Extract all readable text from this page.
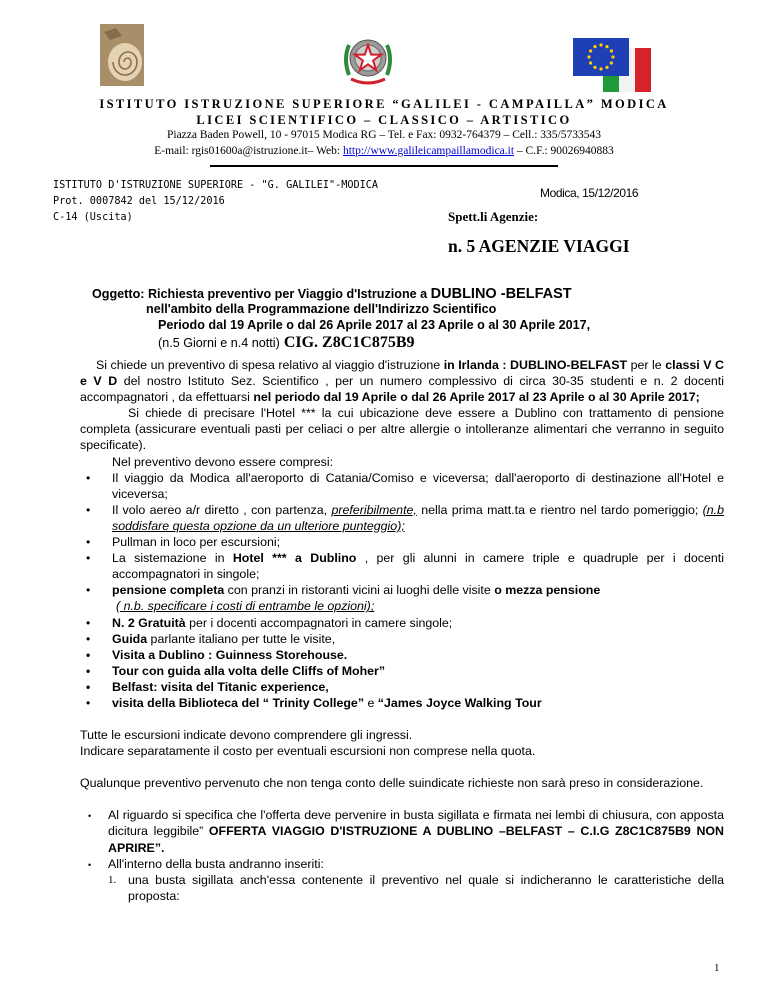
ISTITUTO ISTRUZIONE SUPERIORE “GALILEI - CAMPAILLA” MODICA
LICEI SCIENTIFICO – CLASSICO – ARTISTICO
Piazza Baden Powell, 10 - 97015 Modica RG – Tel. e Fax: 0932-764379 – Cell.: 335/5733543
E-mail: rgis01600a@istruzione.it– Web: http://www.galileicampaillamodica.it – C.F.: 90026940883
ISTITUTO D'ISTRUZIONE SUPERIORE - "G. GALILEI"-MODICA
Prot. 0007842 del 15/12/2016
C-14 (Uscita)
Modica, 15/12/2016
Spett.li Agenzie:
n. 5 AGENZIE VIAGGI
Oggetto: Richiesta preventivo per Viaggio d'Istruzione a DUBLINO -BELFAST
nell'ambito della Programmazione dell'Indirizzo Scientifico
Periodo dal 19 Aprile o dal 26 Aprile 2017 al 23 Aprile o al 30 Aprile 2017,
(n.5 Giorni e n.4 notti) CIG. Z8C1C875B9

Si chiede un preventivo di spesa relativo al viaggio d'istruzione in Irlanda : DUBLINO-BELFAST per le classi V C e V D del nostro Istituto Sez. Scientifico , per un numero complessivo di circa 30-35 studenti e n. 2 docenti accompagnatori , da effettuarsi nel periodo dal 19 Aprile o dal 26 Aprile 2017 al 23 Aprile o al 30 Aprile 2017;

Si chiede di precisare l'Hotel *** la cui ubicazione deve essere a Dublino con trattamento di pensione completa (assicurare eventuali pasti per celiaci o per altre allergie o intolleranze alimentari che verranno in seguito specificate).

Nel preventivo devono essere compresi:

• Il viaggio da Modica all'aeroporto di Catania/Comiso e viceversa; dall'aeroporto di destinazione all'Hotel e viceversa;
• Il volo aereo a/r diretto , con partenza, preferibilmente, nella prima matt.ta e rientro nel tardo pomeriggio; (n.b soddisfare questa opzione da un ulteriore punteggio);
• Pullman in loco per escursioni;
• La sistemazione in Hotel *** a Dublino , per gli alunni in camere triple e quadruple per i docenti accompagnatori in singole;
• pensione completa con pranzi in ristoranti vicini ai luoghi delle visite o mezza pensione
( n.b. specificare i costi di entrambe le opzioni);
• N. 2 Gratuità per i docenti accompagnatori in camere singole;
• Guida parlante italiano per tutte le visite,
• Visita a Dublino : Guinness Storehouse.
• Tour con guida alla volta delle Cliffs of Moher”
• Belfast: visita del Titanic experience,
• visita della Biblioteca del “ Trinity College” e “James Joyce Walking Tour

Tutte le escursioni indicate devono comprendere gli ingressi.

Indicare separatamente il costo per eventuali escursioni non comprese nella quota.

Qualunque preventivo pervenuto che non tenga conto delle suindicate richieste non sarà preso in considerazione.

• Al riguardo si specifica che l'offerta deve pervenire in busta sigillata e firmata nei lembi di chiusura, con apposta dicitura leggibile” OFFERTA VIAGGIO D'ISTRUZIONE A DUBLINO –BELFAST – C.I.G Z8C1C875B9 NON APRIRE”.
• All'interno della busta andranno inseriti:
1. una busta sigillata anch'essa contenente il preventivo nel quale si indicheranno le caratteristiche della proposta:
1
